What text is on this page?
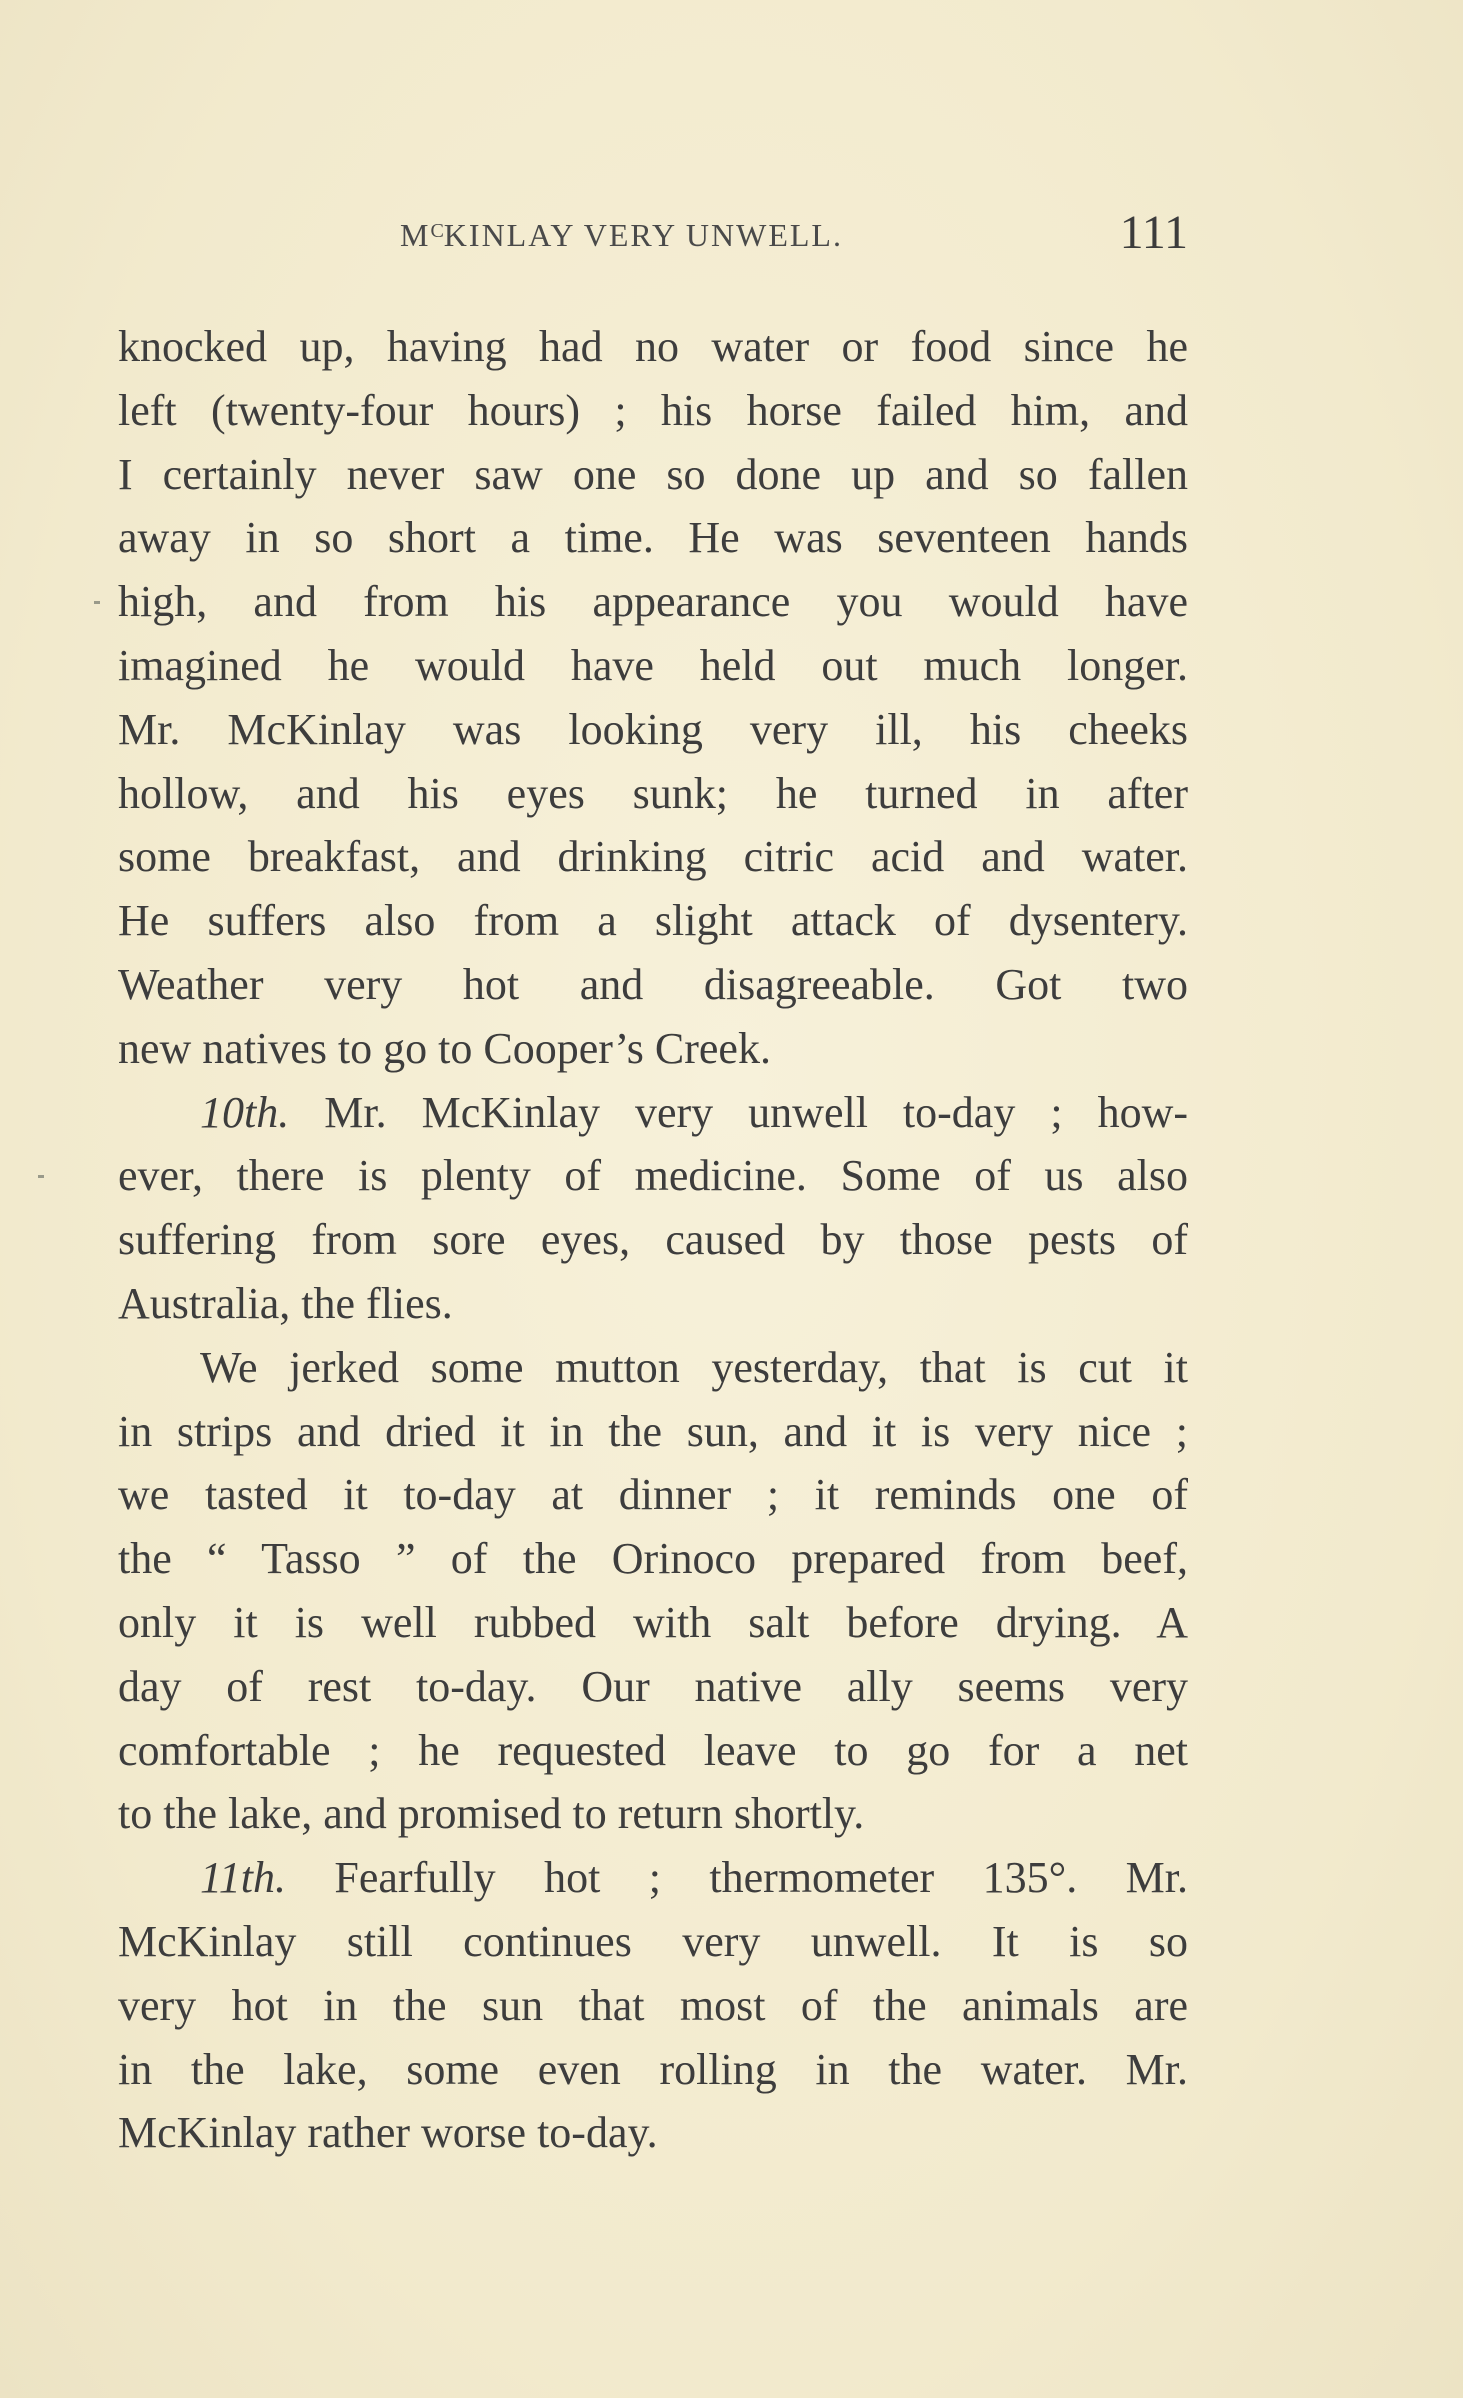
$M^CKINLAY$ VERY UNWELL.	111
knocked up, having had no water or food since he
left (twenty-four hours) ; his horse failed him, and
I certainly never saw one so done up and so fallen
away in so short a time. He was seventeen hands
high, and from his appearance you would have
imagined he would have held out much longer.
Mr. McKinlay was looking very ill, his cheeks
hollow, and his eyes sunk; he turned in after
some breakfast, and drinking citric acid and water.
He suffers also from a slight attack of dysentery.
Weather very hot and disagreeable. Got two
new natives to go to Cooper’s Creek.
10th. Mr. McKinlay very unwell to-day ; how-
ever, there is plenty of medicine. Some of us also
suffering from sore eyes, caused by those pests of
Australia, the flies.
We jerked some mutton yesterday, that is cut it
in strips and dried it in the sun, and it is very nice ;
we tasted it to-day at dinner ; it reminds one of
the “ Tasso ” of the Orinoco prepared from beef,
only it is well rubbed with salt before drying. A
day of rest to-day. Our native ally seems very
comfortable ; he requested leave to go for a net
to the lake, and promised to return shortly.
11th. Fearfully hot ; thermometer 135°. Mr.
McKinlay still continues very unwell. It is so
very hot in the sun that most of the animals are
in the lake, some even rolling in the water. Mr.
McKinlay rather worse to-day.
